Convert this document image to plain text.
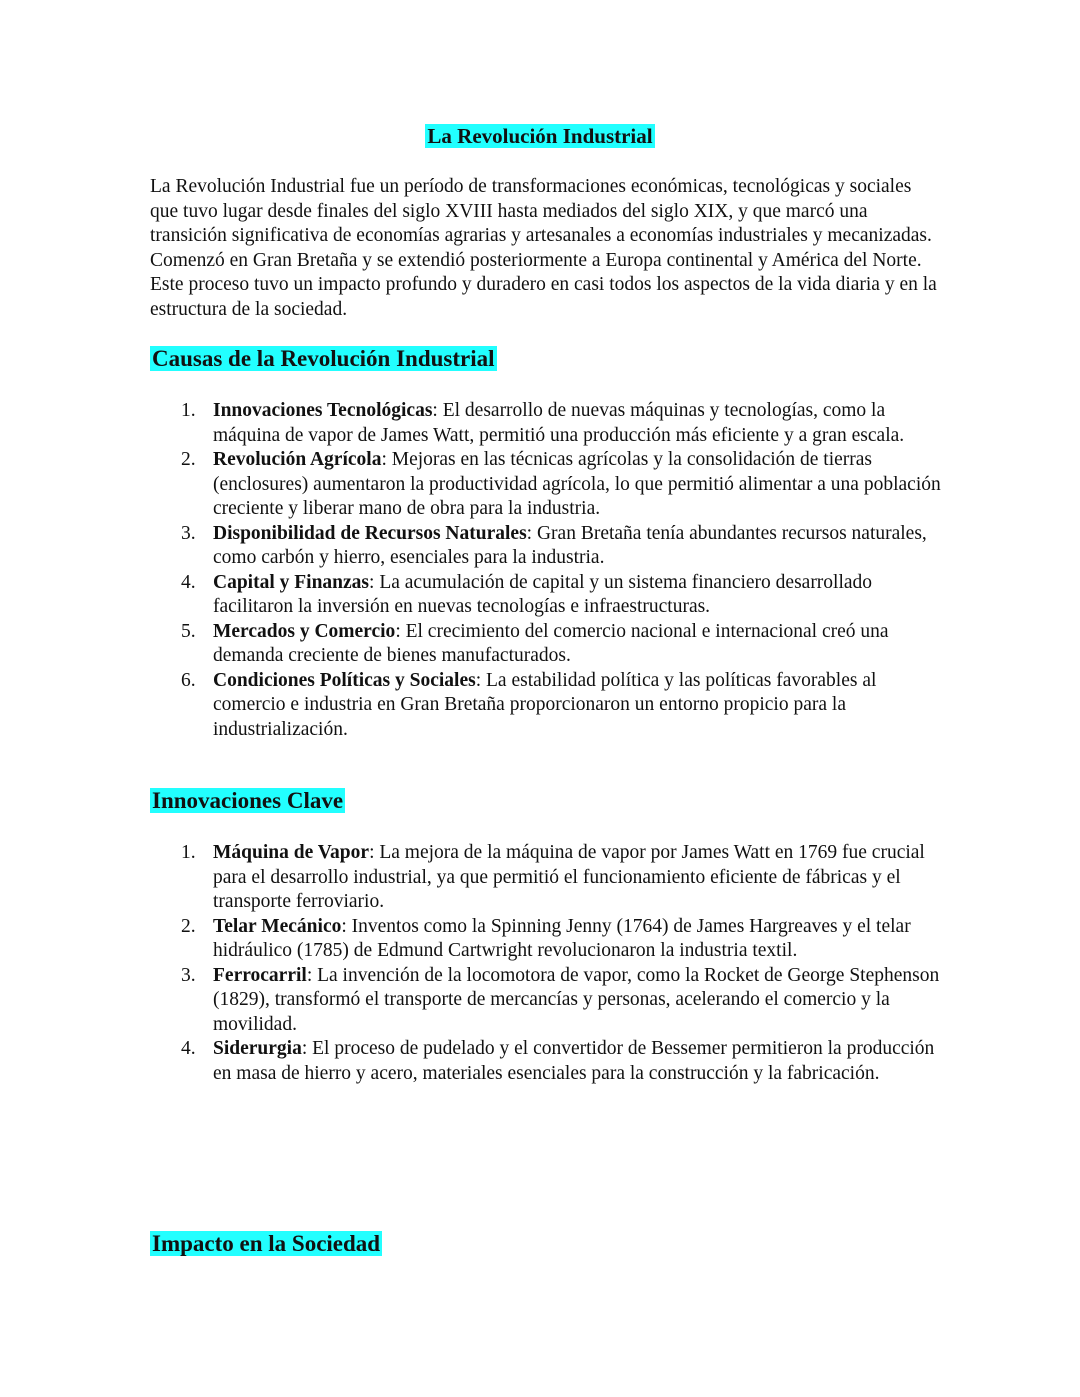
La Revolución Industrial

La Revolución Industrial fue un período de transformaciones económicas, tecnológicas y sociales que tuvo lugar desde finales del siglo XVIII hasta mediados del siglo XIX, y que marcó una transición significativa de economías agrarias y artesanales a economías industriales y mecanizadas. Comenzó en Gran Bretaña y se extendió posteriormente a Europa continental y América del Norte. Este proceso tuvo un impacto profundo y duradero en casi todos los aspectos de la vida diaria y en la estructura de la sociedad.

Causas de la Revolución Industrial
1. Innovaciones Tecnológicas: El desarrollo de nuevas máquinas y tecnologías, como la máquina de vapor de James Watt, permitió una producción más eficiente y a gran escala.
2. Revolución Agrícola: Mejoras en las técnicas agrícolas y la consolidación de tierras (enclosures) aumentaron la productividad agrícola, lo que permitió alimentar a una población creciente y liberar mano de obra para la industria.
3. Disponibilidad de Recursos Naturales: Gran Bretaña tenía abundantes recursos naturales, como carbón y hierro, esenciales para la industria.
4. Capital y Finanzas: La acumulación de capital y un sistema financiero desarrollado facilitaron la inversión en nuevas tecnologías e infraestructuras.
5. Mercados y Comercio: El crecimiento del comercio nacional e internacional creó una demanda creciente de bienes manufacturados.
6. Condiciones Políticas y Sociales: La estabilidad política y las políticas favorables al comercio e industria en Gran Bretaña proporcionaron un entorno propicio para la industrialización.
Innovaciones Clave
1. Máquina de Vapor: La mejora de la máquina de vapor por James Watt en 1769 fue crucial para el desarrollo industrial, ya que permitió el funcionamiento eficiente de fábricas y el transporte ferroviario.
2. Telar Mecánico: Inventos como la Spinning Jenny (1764) de James Hargreaves y el telar hidráulico (1785) de Edmund Cartwright revolucionaron la industria textil.
3. Ferrocarril: La invención de la locomotora de vapor, como la Rocket de George Stephenson (1829), transformó el transporte de mercancías y personas, acelerando el comercio y la movilidad.
4. Siderurgia: El proceso de pudelado y el convertidor de Bessemer permitieron la producción en masa de hierro y acero, materiales esenciales para la construcción y la fabricación.
Impacto en la Sociedad
